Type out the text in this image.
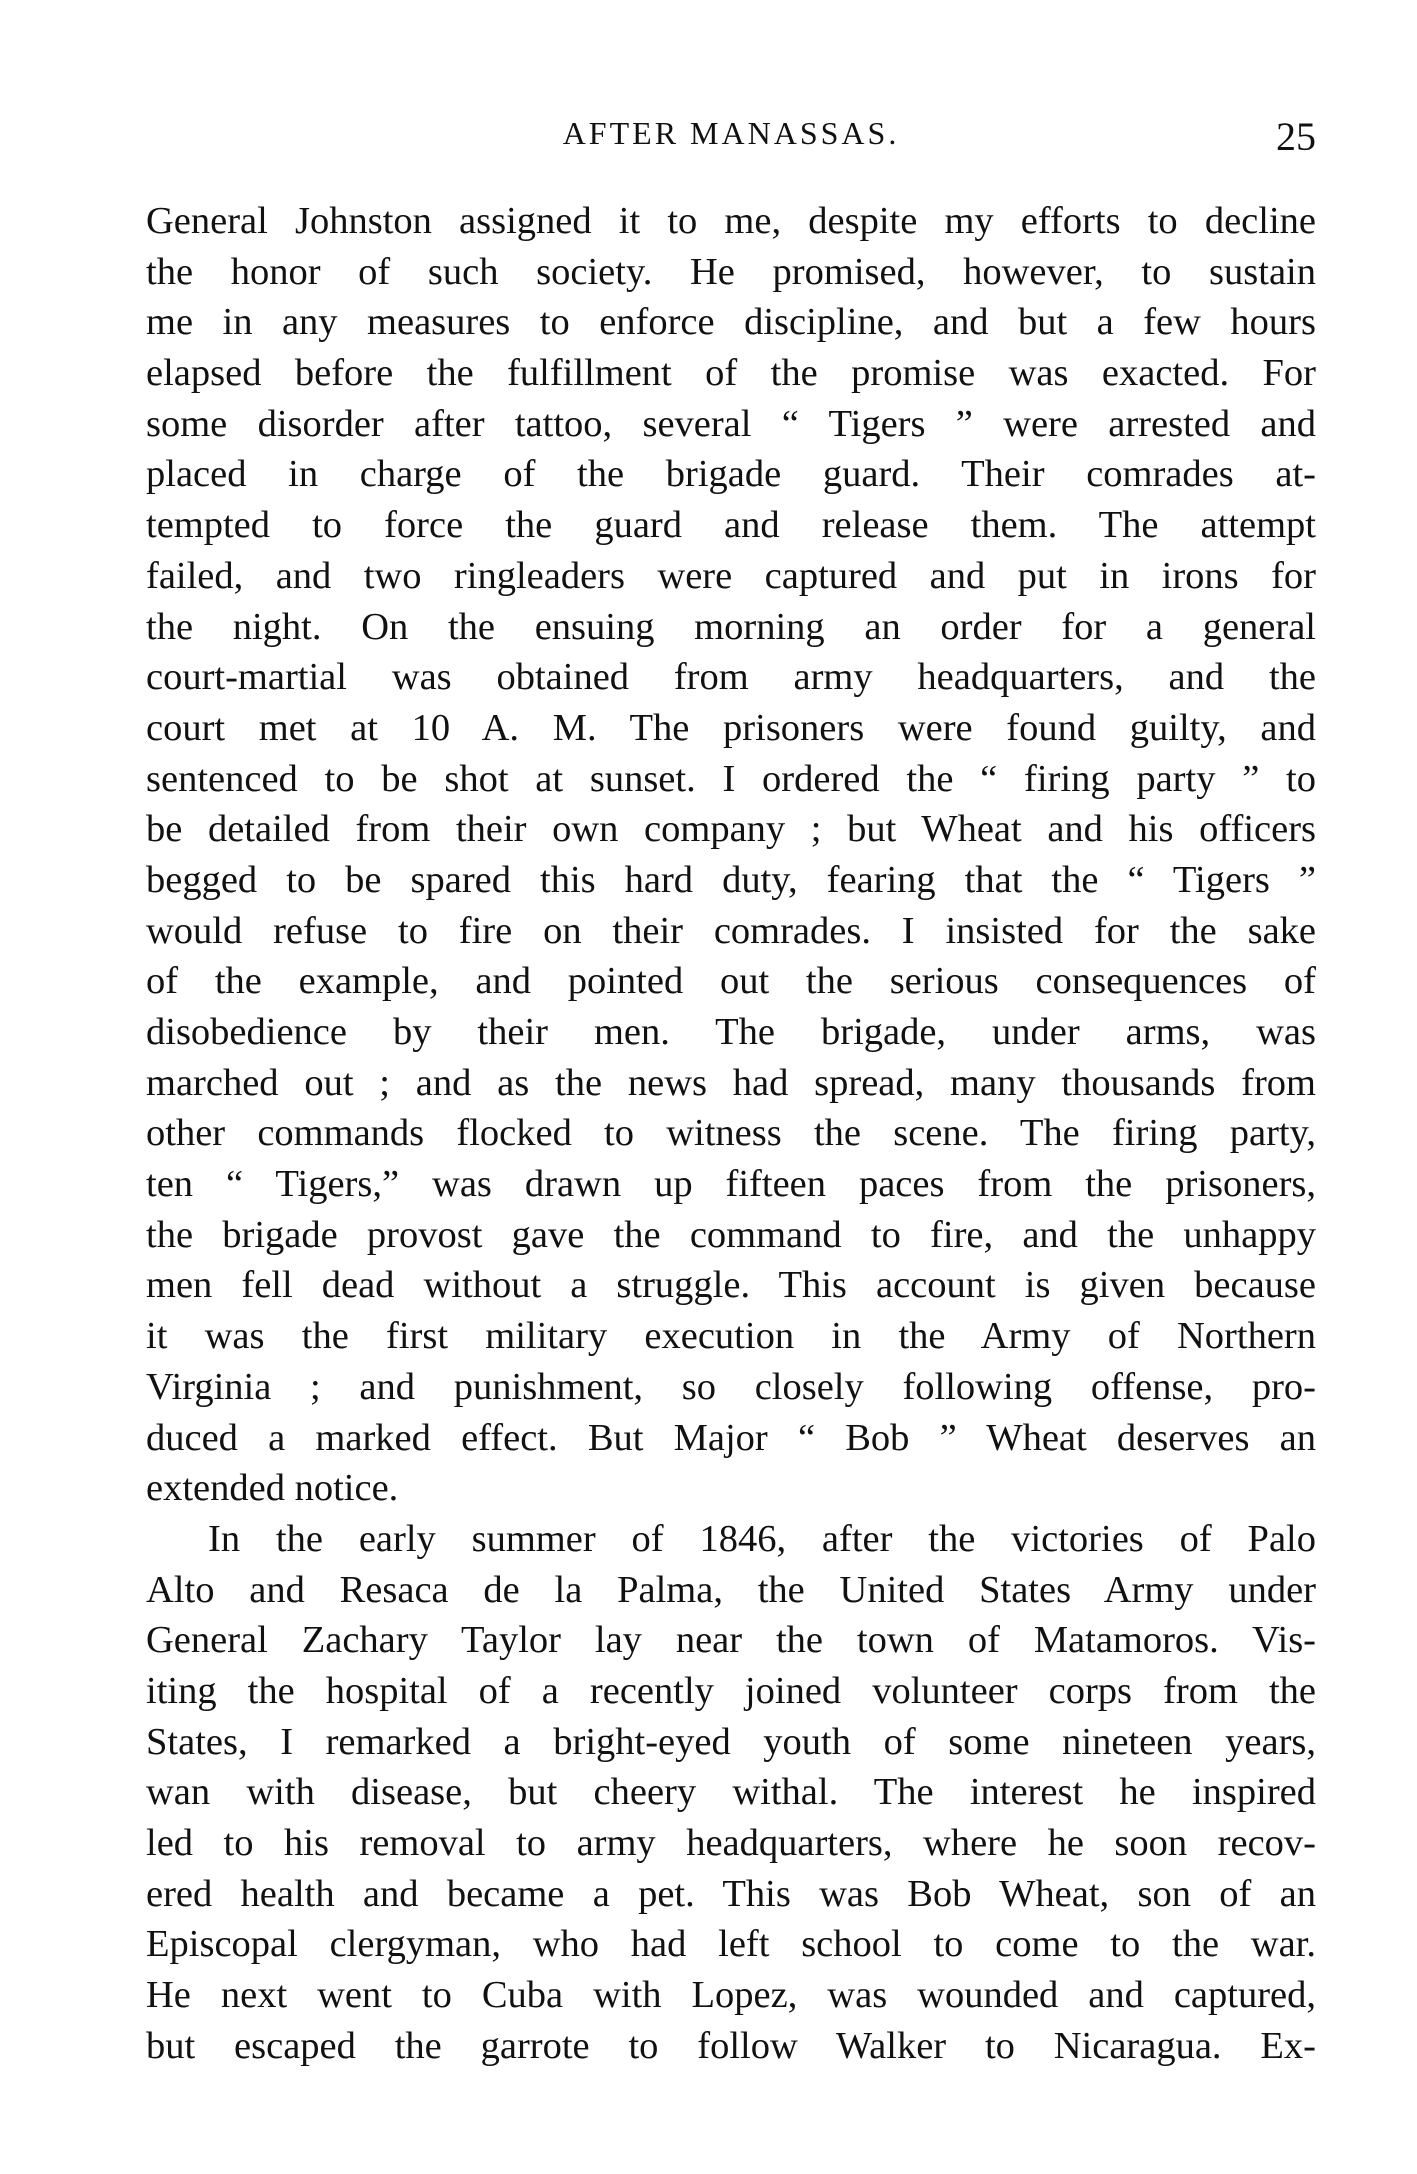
AFTER MANASSAS.	25
General Johnston assigned it to me, despite my efforts to decline
the honor of such society. He promised, however, to sustain
me in any measures to enforce discipline, and but a few hours
elapsed before the fulfillment of the promise was exacted. For
some disorder after tattoo, several “ Tigers ” were arrested and
placed in charge of the brigade guard. Their comrades at-
tempted to force the guard and release them. The attempt
failed, and two ringleaders were captured and put in irons for
the night. On the ensuing morning an order for a general
court-martial was obtained from army headquarters, and the
court met at 10 A. M. The prisoners were found guilty, and
sentenced to be shot at sunset. I ordered the “ firing party ” to
be detailed from their own company ; but Wheat and his officers
begged to be spared this hard duty, fearing that the “ Tigers ”
would refuse to fire on their comrades. I insisted for the sake
of the example, and pointed out the serious consequences of
disobedience by their men. The brigade, under arms, was
marched out ; and as the news had spread, many thousands from
other commands flocked to witness the scene. The firing party,
ten “ Tigers,” was drawn up fifteen paces from the prisoners,
the brigade provost gave the command to fire, and the unhappy
men fell dead without a struggle. This account is given because
it was the first military execution in the Army of Northern
Virginia ; and punishment, so closely following offense, pro-
duced a marked effect. But Major “ Bob ” Wheat deserves an
extended notice.
In the early summer of 1846, after the victories of Palo
Alto and Resaca de la Palma, the United States Army under
General Zachary Taylor lay near the town of Matamoros. Vis-
iting the hospital of a recently joined volunteer corps from the
States, I remarked a bright-eyed youth of some nineteen years,
wan with disease, but cheery withal. The interest he inspired
led to his removal to army headquarters, where he soon recov-
ered health and became a pet. This was Bob Wheat, son of an
Episcopal clergyman, who had left school to come to the war.
He next went to Cuba with Lopez, was wounded and captured,
but escaped the garrote to follow Walker to Nicaragua. Ex-
